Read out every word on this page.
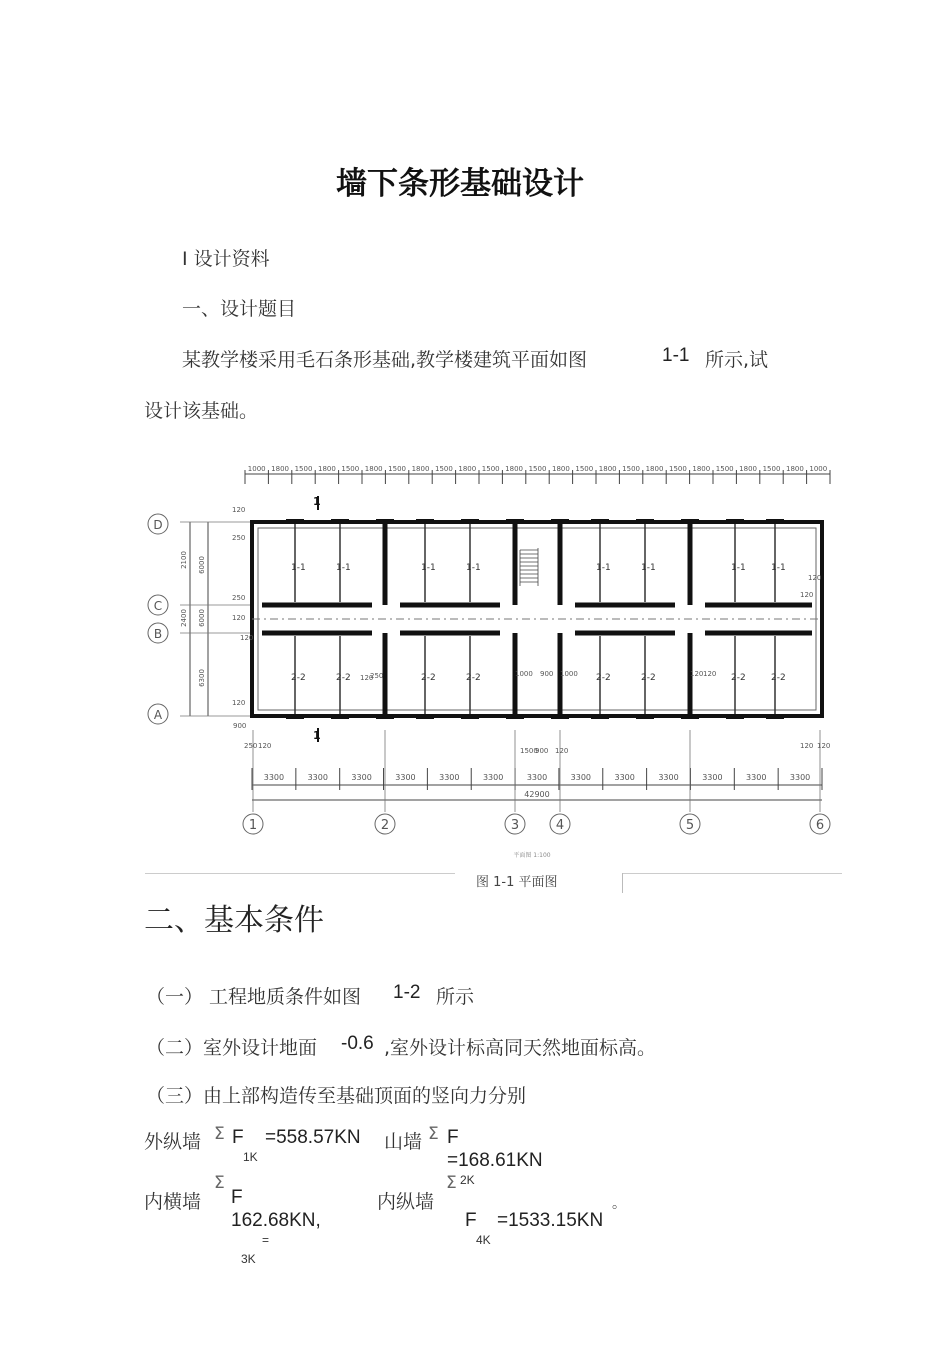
墙下条形基础设计
Ⅰ 设计资料
一、设计题目
某教学楼采用毛石条形基础,教学楼建筑平面如图	1-1 所示,试
设计该基础。
1000 1800 1500 1800 1500 1800 1500 1800 1500 1800 1500 1800 1500 1800 1500 1800 1500 1800 1500 1800 1500 1800 1500 1800 1000
1-1
2-2
1-1
2-2
1-1
2-2
1-1
2-2
1-1
2-2
1-1
2-2
1-1
2-2
1-1
2-2
1
1
120
250
250
120
120
120
900
1500
900 120
250	1000 900 1000	120 120
120
120 120
120
120
120
250
6000
2400 6000
2100
6300
3300	3300	3300	3300	3300	3300	3300	3300	3300	3300	3300	3300	3300
42900
平面图 1:100
1	2	3	4	5	6
D
C
B
A
图 1-1 平面图
二、基本条件
（一） 工程地质条件如图 1-2 所示
（二）室外设计地面 -0.6 ,室外设计标高同天然地面标高。
（三）由上部构造传至基础顶面的竖向力分别
外纵墙 Σ F
1K
=558.57KN 山墙 Σ F
=168.61KN
2K
Σ
内横墙
Σ
F
162.68KN,
=
3K
内纵墙
F
4K
=1533.15KN
。
